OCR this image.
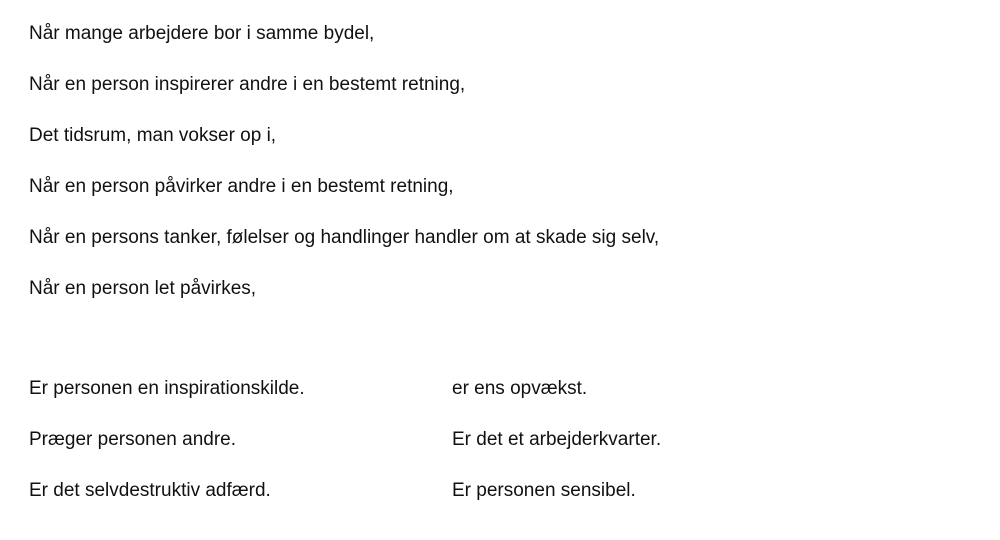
Når mange arbejdere bor i samme bydel,
Når en person inspirerer andre i en bestemt retning,
Det tidsrum, man vokser op i,
Når en person påvirker andre i en bestemt retning,
Når en persons tanker, følelser og handlinger handler om at skade sig selv,
Når en person let påvirkes,
Er personen en inspirationskilde.
Præger personen andre.
Er det selvdestruktiv adfærd.
er ens opvækst.
Er det et arbejderkvarter.
Er personen sensibel.
